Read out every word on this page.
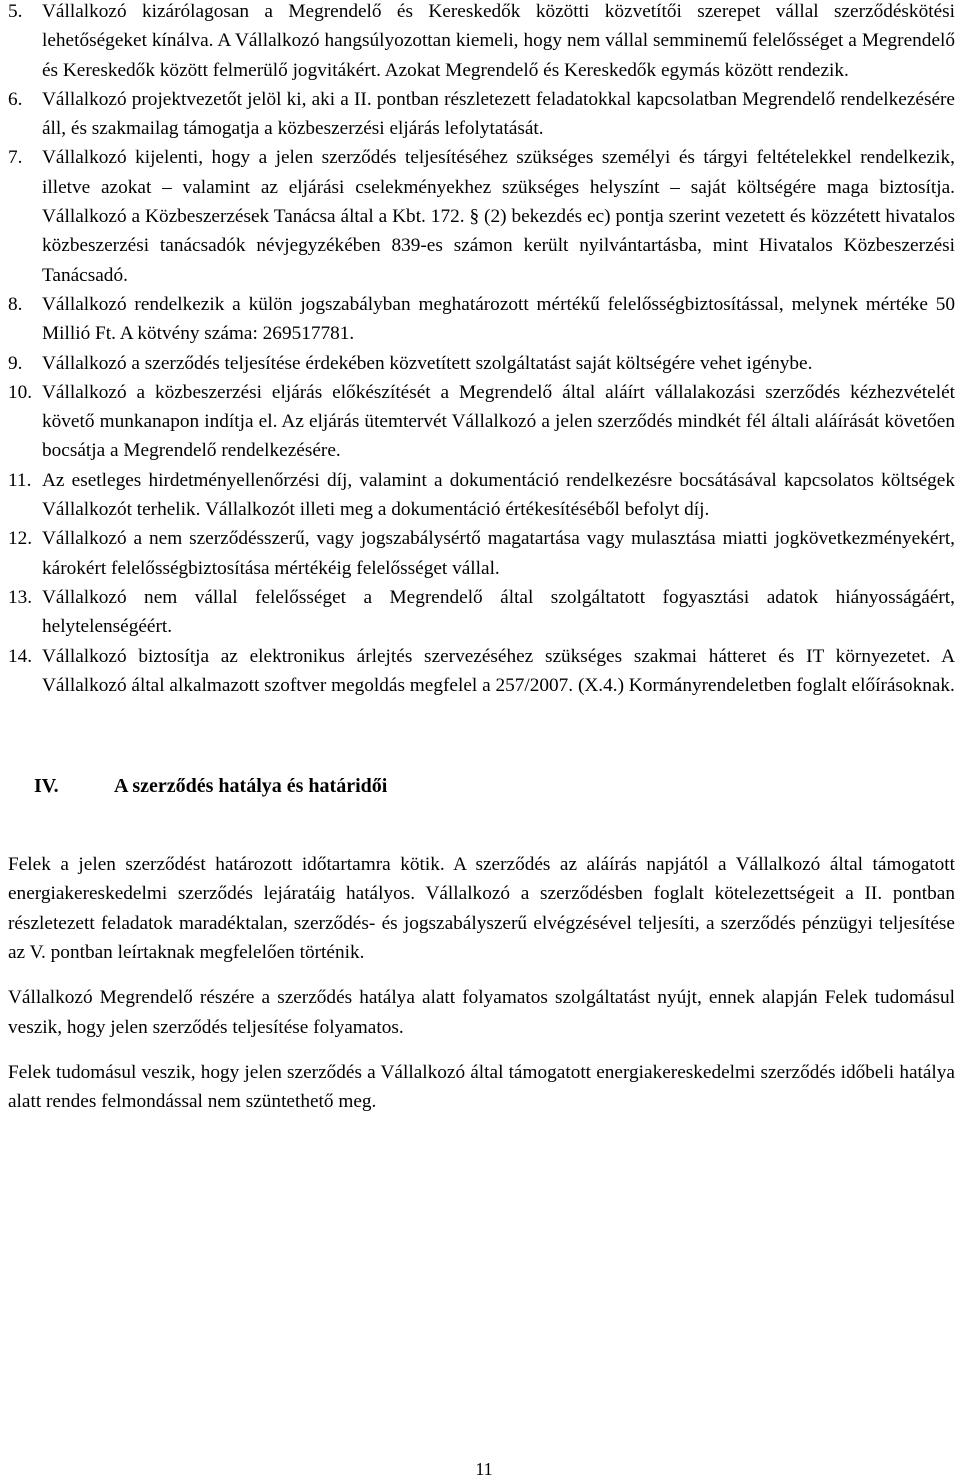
5.	Vállalkozó kizárólagosan a Megrendelő és Kereskedők közötti közvetítői szerepet vállal szerződéskötési lehetőségeket kínálva. A Vállalkozó hangsúlyozottan kiemeli, hogy nem vállal semminemű felelősséget a Megrendelő és Kereskedők között felmerülő jogvitákért. Azokat Megrendelő és Kereskedők egymás között rendezik.
6.	Vállalkozó projektvezetőt jelöl ki, aki a II. pontban részletezett feladatokkal kapcsolatban Megrendelő rendelkezésére áll, és szakmailag támogatja a közbeszerzési eljárás lefolytatását.
7.	Vállalkozó kijelenti, hogy a jelen szerződés teljesítéséhez szükséges személyi és tárgyi feltételekkel rendelkezik, illetve azokat – valamint az eljárási cselekményekhez szükséges helyszínt – saját költségére maga biztosítja. Vállalkozó a Közbeszerzések Tanácsa által a Kbt. 172. § (2) bekezdés ec) pontja szerint vezetett és közzétett hivatalos közbeszerzési tanácsadók névjegyzékében 839-es számon került nyilvántartásba, mint Hivatalos Közbeszerzési Tanácsadó.
8.	Vállalkozó rendelkezik a külön jogszabályban meghatározott mértékű felelősségbiztosítással, melynek mértéke 50 Millió Ft. A kötvény száma: 269517781.
9.	Vállalkozó a szerződés teljesítése érdekében közvetített szolgáltatást saját költségére vehet igénybe.
10. Vállalkozó a közbeszerzési eljárás előkészítését a Megrendelő által aláírt vállalakozási szerződés kézhezvételét követő munkanapon indítja el. Az eljárás ütemtervét Vállalkozó a jelen szerződés mindkét fél általi aláírását követően bocsátja a Megrendelő rendelkezésére.
11. Az esetleges hirdetményellenőrzési díj, valamint a dokumentáció rendelkezésre bocsátásával kapcsolatos költségek Vállalkozót terhelik. Vállalkozót illeti meg a dokumentáció értékesítéséből befolyt díj.
12. Vállalkozó a nem szerződésszerű, vagy jogszabálysértő magatartása vagy mulasztása miatti jogkövetkezményekért, károkért felelősségbiztosítása mértékéig felelősséget vállal.
13. Vállalkozó nem vállal felelősséget a Megrendelő által szolgáltatott fogyasztási adatok hiányosságáért, helytelenségéért.
14. Vállalkozó biztosítja az elektronikus árlejtés szervezéséhez szükséges szakmai hátteret és IT környezetet. A Vállalkozó által alkalmazott szoftver megoldás megfelel a 257/2007. (X.4.) Kormányrendeletben foglalt előírásoknak.
IV.	A szerződés hatálya és határidői

Felek a jelen szerződést határozott időtartamra kötik. A szerződés az aláírás napjától a Vállalkozó által támogatott energiakereskedelmi szerződés lejáratáig hatályos. Vállalkozó a szerződésben foglalt kötelezettségeit a II. pontban részletezett feladatok maradéktalan, szerződés- és jogszabályszerű elvégzésével teljesíti, a szerződés pénzügyi teljesítése az V. pontban leírtaknak megfelelően történik.

Vállalkozó Megrendelő részére a szerződés hatálya alatt folyamatos szolgáltatást nyújt, ennek alapján Felek tudomásul veszik, hogy jelen szerződés teljesítése folyamatos.

Felek tudomásul veszik, hogy jelen szerződés a Vállalkozó által támogatott energiakereskedelmi szerződés időbeli hatálya alatt rendes felmondással nem szüntethető meg.

11
